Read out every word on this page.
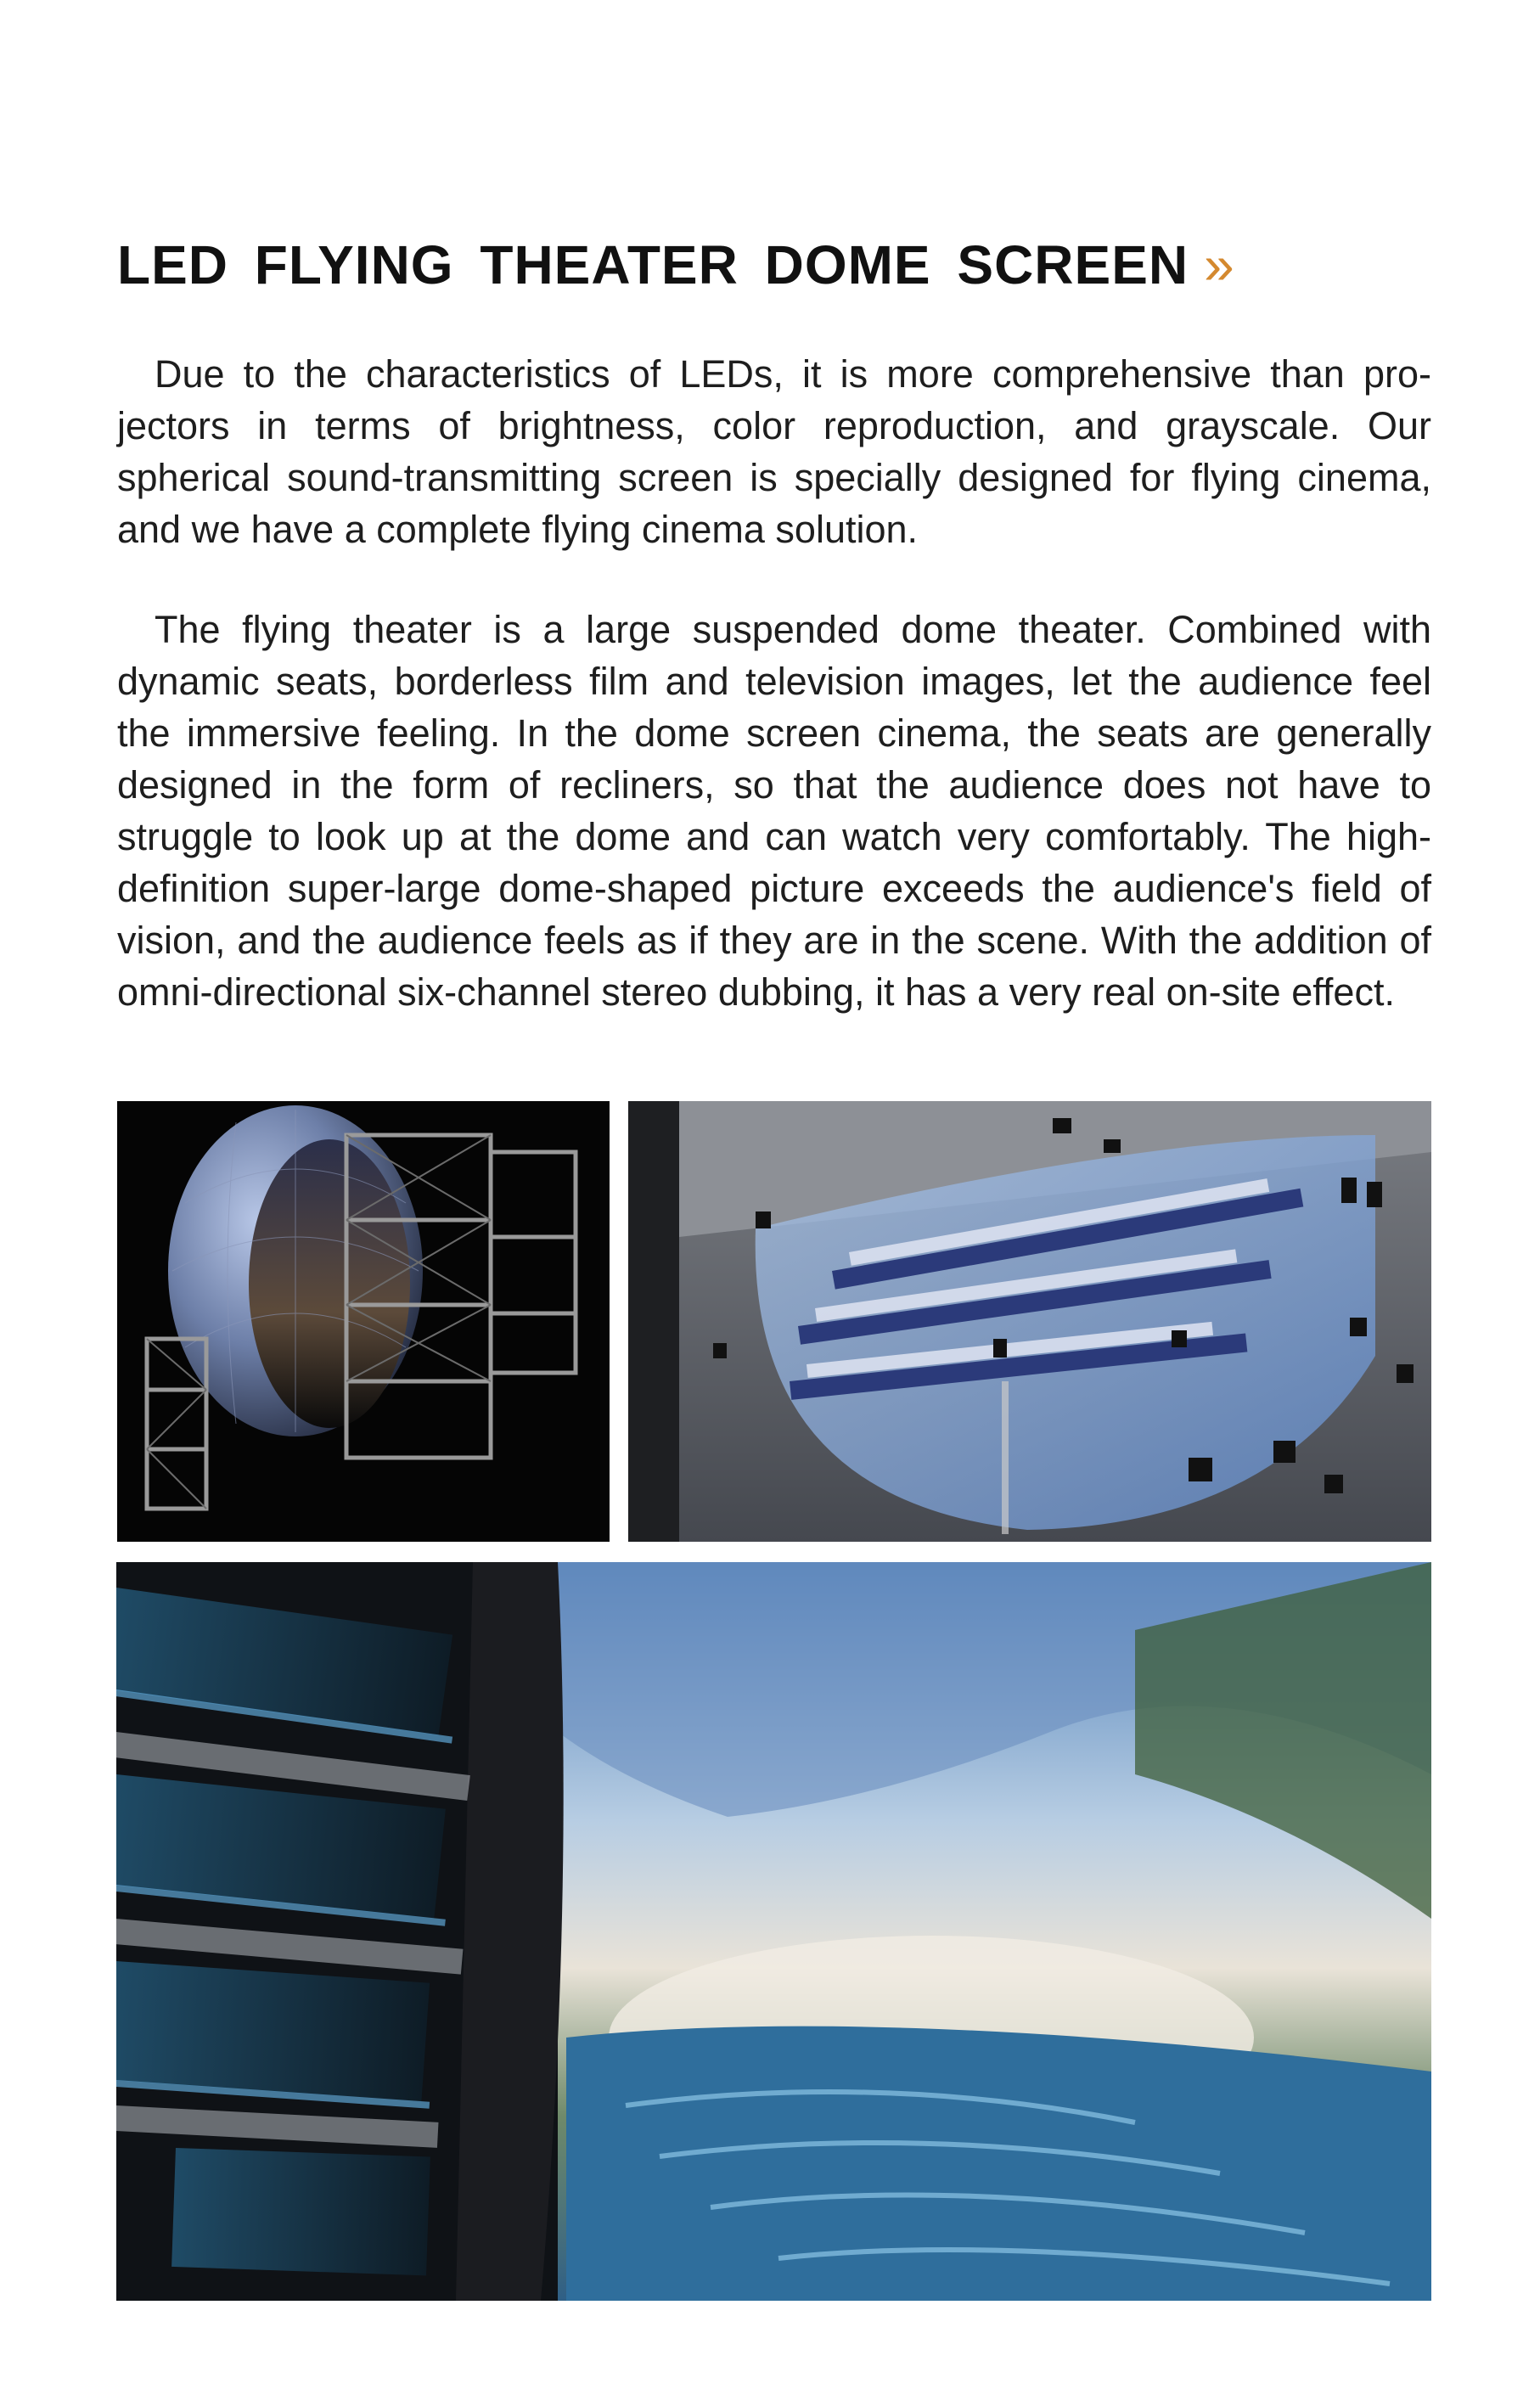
LED FLYING THEATER DOME SCREEN »

Due to the characteristics of LEDs, it is more comprehensive than projectors in terms of brightness, color reproduction, and grayscale. Our spherical sound-transmitting screen is specially designed for flying cinema, and we have a complete flying cinema solution.

The flying theater is a large suspended dome theater. Combined with dynamic seats, borderless film and television images, let the audience feel the immersive feeling. In the dome screen cinema, the seats are generally designed in the form of recliners, so that the audience does not have to struggle to look up at the dome and can watch very comfortably. The high-definition super-large dome-shaped picture exceeds the audience's field of vision, and the audience feels as if they are in the scene. With the addition of omni-directional six-channel stereo dubbing, it has a very real on-site effect.
